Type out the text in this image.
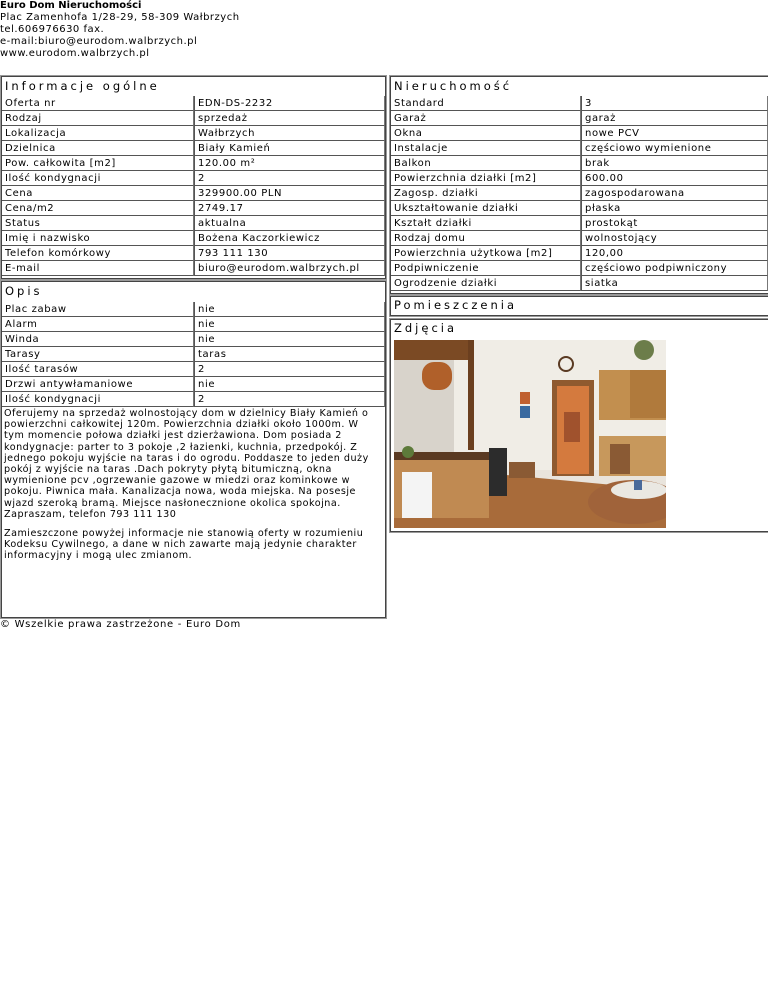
Euro Dom Nieruchomości
Plac Zamenhofa 1/28-29, 58-309 Wałbrzych
tel.606976630 fax.
e-mail:biuro@eurodom.walbrzych.pl
www.eurodom.walbrzych.pl
Informacje ogólne
Oferta nr	EDN-DS-2232
Rodzaj	sprzedaż
Lokalizacja	Wałbrzych
Dzielnica	Biały Kamień
Pow. całkowita [m2]	120.00 m²
Ilość kondygnacji	2
Cena	329900.00 PLN
Cena/m2	2749.17
Status	aktualna
Imię i nazwisko	Bożena Kaczorkiewicz
Telefon komórkowy	793 111 130
E-mail	biuro@eurodom.walbrzych.pl
Opis
Plac zabaw	nie
Alarm	nie
Winda	nie
Tarasy	taras
Ilość tarasów	2
Drzwi antywłamaniowe	nie
Ilość kondygnacji	2

Oferujemy na sprzedaż wolnostojący dom w dzielnicy Biały Kamień o powierzchni całkowitej 120m. Powierzchnia działki około 1000m. W tym momencie połowa działki jest dzierżawiona. Dom posiada 2 kondygnacje: parter to 3 pokoje ,2 łazienki, kuchnia, przedpokój. Z jednego pokoju wyjście na taras i do ogrodu. Poddasze to jeden duży pokój z wyjście na taras .Dach pokryty płytą bitumiczną, okna wymienione pcv ,ogrzewanie gazowe w miedzi oraz kominkowe w pokoju. Piwnica mała. Kanalizacja nowa, woda miejska. Na posesje wjazd szeroką bramą. Miejsce nasłonecznione okolica spokojna. Zapraszam, telefon 793 111 130

Zamieszczone powyżej informacje nie stanowią oferty w rozumieniu Kodeksu Cywilnego, a dane w nich zawarte mają jedynie charakter informacyjny i mogą ulec zmianom.

Nieruchomość
Standard	3
Garaż	garaż
Okna	nowe PCV
Instalacje	częściowo wymienione
Balkon	brak
Powierzchnia działki [m2]	600.00
Zagosp. działki	zagospodarowana
Ukształtowanie działki	płaska
Kształt działki	prostokąt
Rodzaj domu	wolnostojący
Powierzchnia użytkowa [m2]	120,00
Podpiwniczenie	częściowo podpiwniczony
Ogrodzenie działki	siatka
Pomieszczenia
Zdjęcia
© Wszelkie prawa zastrzeżone - Euro Dom
